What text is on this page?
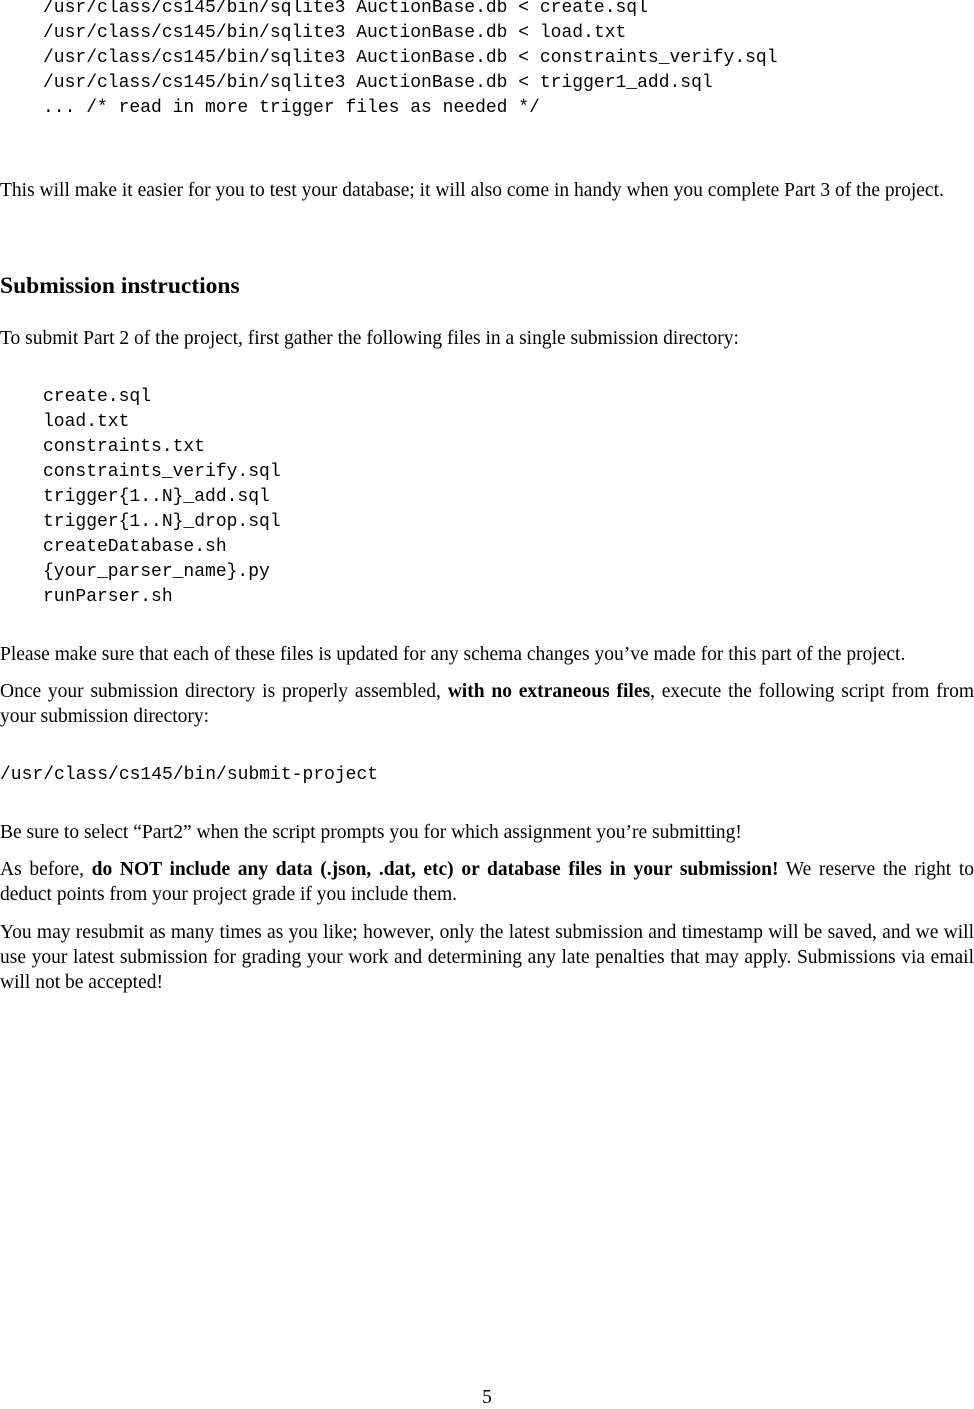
/usr/class/cs145/bin/sqlite3 AuctionBase.db < create.sql
/usr/class/cs145/bin/sqlite3 AuctionBase.db < load.txt
/usr/class/cs145/bin/sqlite3 AuctionBase.db < constraints_verify.sql
/usr/class/cs145/bin/sqlite3 AuctionBase.db < trigger1_add.sql
... /* read in more trigger files as needed */

This will make it easier for you to test your database; it will also come in handy when you complete Part 3 of the project.

Submission instructions

To submit Part 2 of the project, first gather the following files in a single submission directory:

create.sql
load.txt
constraints.txt
constraints_verify.sql
trigger{1..N}_add.sql
trigger{1..N}_drop.sql
createDatabase.sh
{your_parser_name}.py
runParser.sh

Please make sure that each of these files is updated for any schema changes you’ve made for this part of the project.

Once your submission directory is properly assembled, with no extraneous files, execute the following script from from your submission directory:

/usr/class/cs145/bin/submit-project

Be sure to select “Part2” when the script prompts you for which assignment you’re submitting!

As before, do NOT include any data (.json, .dat, etc) or database files in your submission! We reserve the right to deduct points from your project grade if you include them.

You may resubmit as many times as you like; however, only the latest submission and timestamp will be saved, and we will use your latest submission for grading your work and determining any late penalties that may apply. Submissions via email will not be accepted!

5
